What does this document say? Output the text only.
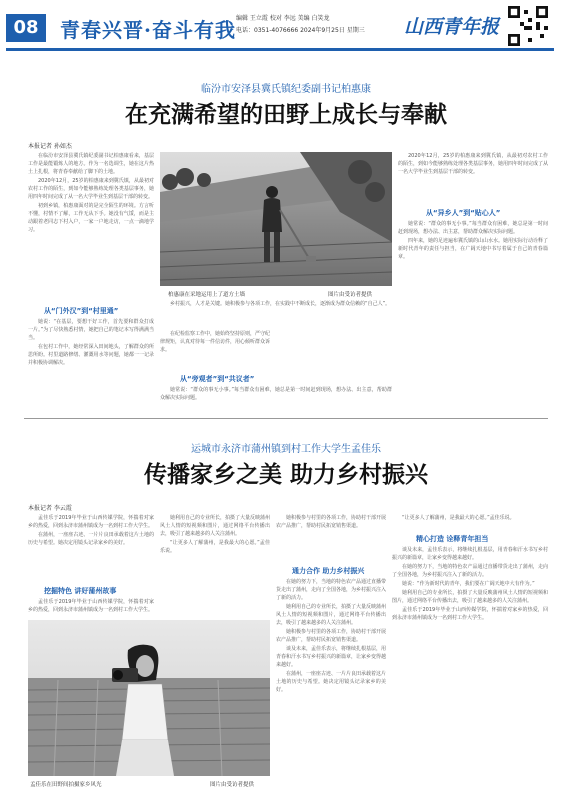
08	青春兴晋·奋斗有我 编辑 王立霞 校对 李远 美编 白笑龙
电话：0351-4076666 2024年9月25日 星期三 山西青年报
临汾市安泽县冀氏镇纪委副书记柏惠康
在充满希望的田野上成长与奉献
本报记者 孙如杰

在临汾市安泽县冀氏镇纪委副书记柏惠康看来，基层工作是最能锻炼人的地方。作为一名选调生，她在这片热土上扎根，将青春奉献给了脚下的土地。

2020年12月，25岁的柏惠康来到冀氏镇，从最初对农村工作的陌生，到如今能够熟练处理各类基层事务，她用四年时间完成了从一名大学毕业生到基层干部的转变。

初到乡镇，柏惠康面对的是完全陌生的环境。方言听不懂，村情不了解，工作无从下手。她没有气馁，而是主动跟着老同志下村入户，一家一户地走访，一点一滴地学习。

从“门外汉”到“村里通”

她说：“在基层，要想干好工作，首先要和群众打成一片。”为了尽快熟悉村情，她把自己的笔记本写得满满当当。

在包村工作中，她经常深入田间地头，了解群众的所思所盼。村里道路修缮、灌溉用水等问题，她都一一记录并积极协调解决。

柏惠康在采地运用上了道方土墙	图片由受访者提供

乡村振兴，人才是关键。她积极参与各项工作，在实践中不断成长，逐渐成为群众信赖的“自己人”。

在纪检监察工作中，她始终坚持原则，严守纪律规矩，认真对待每一件信访件，用心倾听群众诉求。

从“旁观者”到“共议者”

她常说：“群众的事无小事。”每当群众有困难，她总是第一时间赶到现场，想办法、出主意，帮助群众解决实际问题。

2020年12月，25岁的柏惠康来到冀氏镇，从最初对农村工作的陌生，到如今能够熟练处理各类基层事务，她用四年时间完成了从一名大学毕业生到基层干部的转变。

从“异乡人”到“贴心人”

她常说：“群众的事无小事。”每当群众有困难，她总是第一时间赶到现场，想办法、出主意，帮助群众解决实际问题。

四年来，她的足迹遍布冀氏镇的山山水水。她用实际行动诠释了新时代青年的责任与担当，在广阔天地中书写着属于自己的青春篇章。

运城市永济市蒲州镇到村工作大学生孟佳乐
传播家乡之美 助力乡村振兴
本报记者 李云霞

孟佳乐于2019年毕业于山西传媒学院，怀揣着对家乡的热爱，回到永济市蒲州镇成为一名到村工作大学生。

在蒲州，一座座古迹、一片片良田承载着这片土地的历史与希望。她决定用镜头记录家乡的美好。

挖掘特色 讲好蒲州故事

孟佳乐于2019年毕业于山西传媒学院，怀揣着对家乡的热爱，回到永济市蒲州镇成为一名到村工作大学生。

她利用自己的专业所长，拍摄了大量反映蒲州风土人情的短视频和图片，通过网络平台传播出去，吸引了越来越多的人关注蒲州。

“让更多人了解蒲州，是我最大的心愿。”孟佳乐说。

她积极参与村里的各项工作，协助村干部开展农产品推广，帮助村民拓宽销售渠道。

通力合作 助力乡村振兴

在她的努力下，当地的特色农产品通过直播带货走出了蒲州，走向了全国各地，为乡村振兴注入了新的活力。

她利用自己的专业所长，拍摄了大量反映蒲州风土人情的短视频和图片，通过网络平台传播出去，吸引了越来越多的人关注蒲州。

她积极参与村里的各项工作，协助村干部开展农产品推广，帮助村民拓宽销售渠道。

谈及未来，孟佳乐表示，将继续扎根基层，用青春和汗水书写乡村振兴的新篇章，让家乡变得越来越好。

在蒲州，一座座古迹、一片片良田承载着这片土地的历史与希望。她决定用镜头记录家乡的美好。

“让更多人了解蒲州，是我最大的心愿。”孟佳乐说。

精心打造 诠释青年担当

谈及未来，孟佳乐表示，将继续扎根基层，用青春和汗水书写乡村振兴的新篇章，让家乡变得越来越好。

在她的努力下，当地的特色农产品通过直播带货走出了蒲州，走向了全国各地，为乡村振兴注入了新的活力。

她说：“作为新时代的青年，我们要在广阔天地中大有作为。”

她利用自己的专业所长，拍摄了大量反映蒲州风土人情的短视频和图片，通过网络平台传播出去，吸引了越来越多的人关注蒲州。

孟佳乐于2019年毕业于山西传媒学院，怀揣着对家乡的热爱，回到永济市蒲州镇成为一名到村工作大学生。

孟佳乐在田野间拍摄家乡风光	图片由受访者提供
